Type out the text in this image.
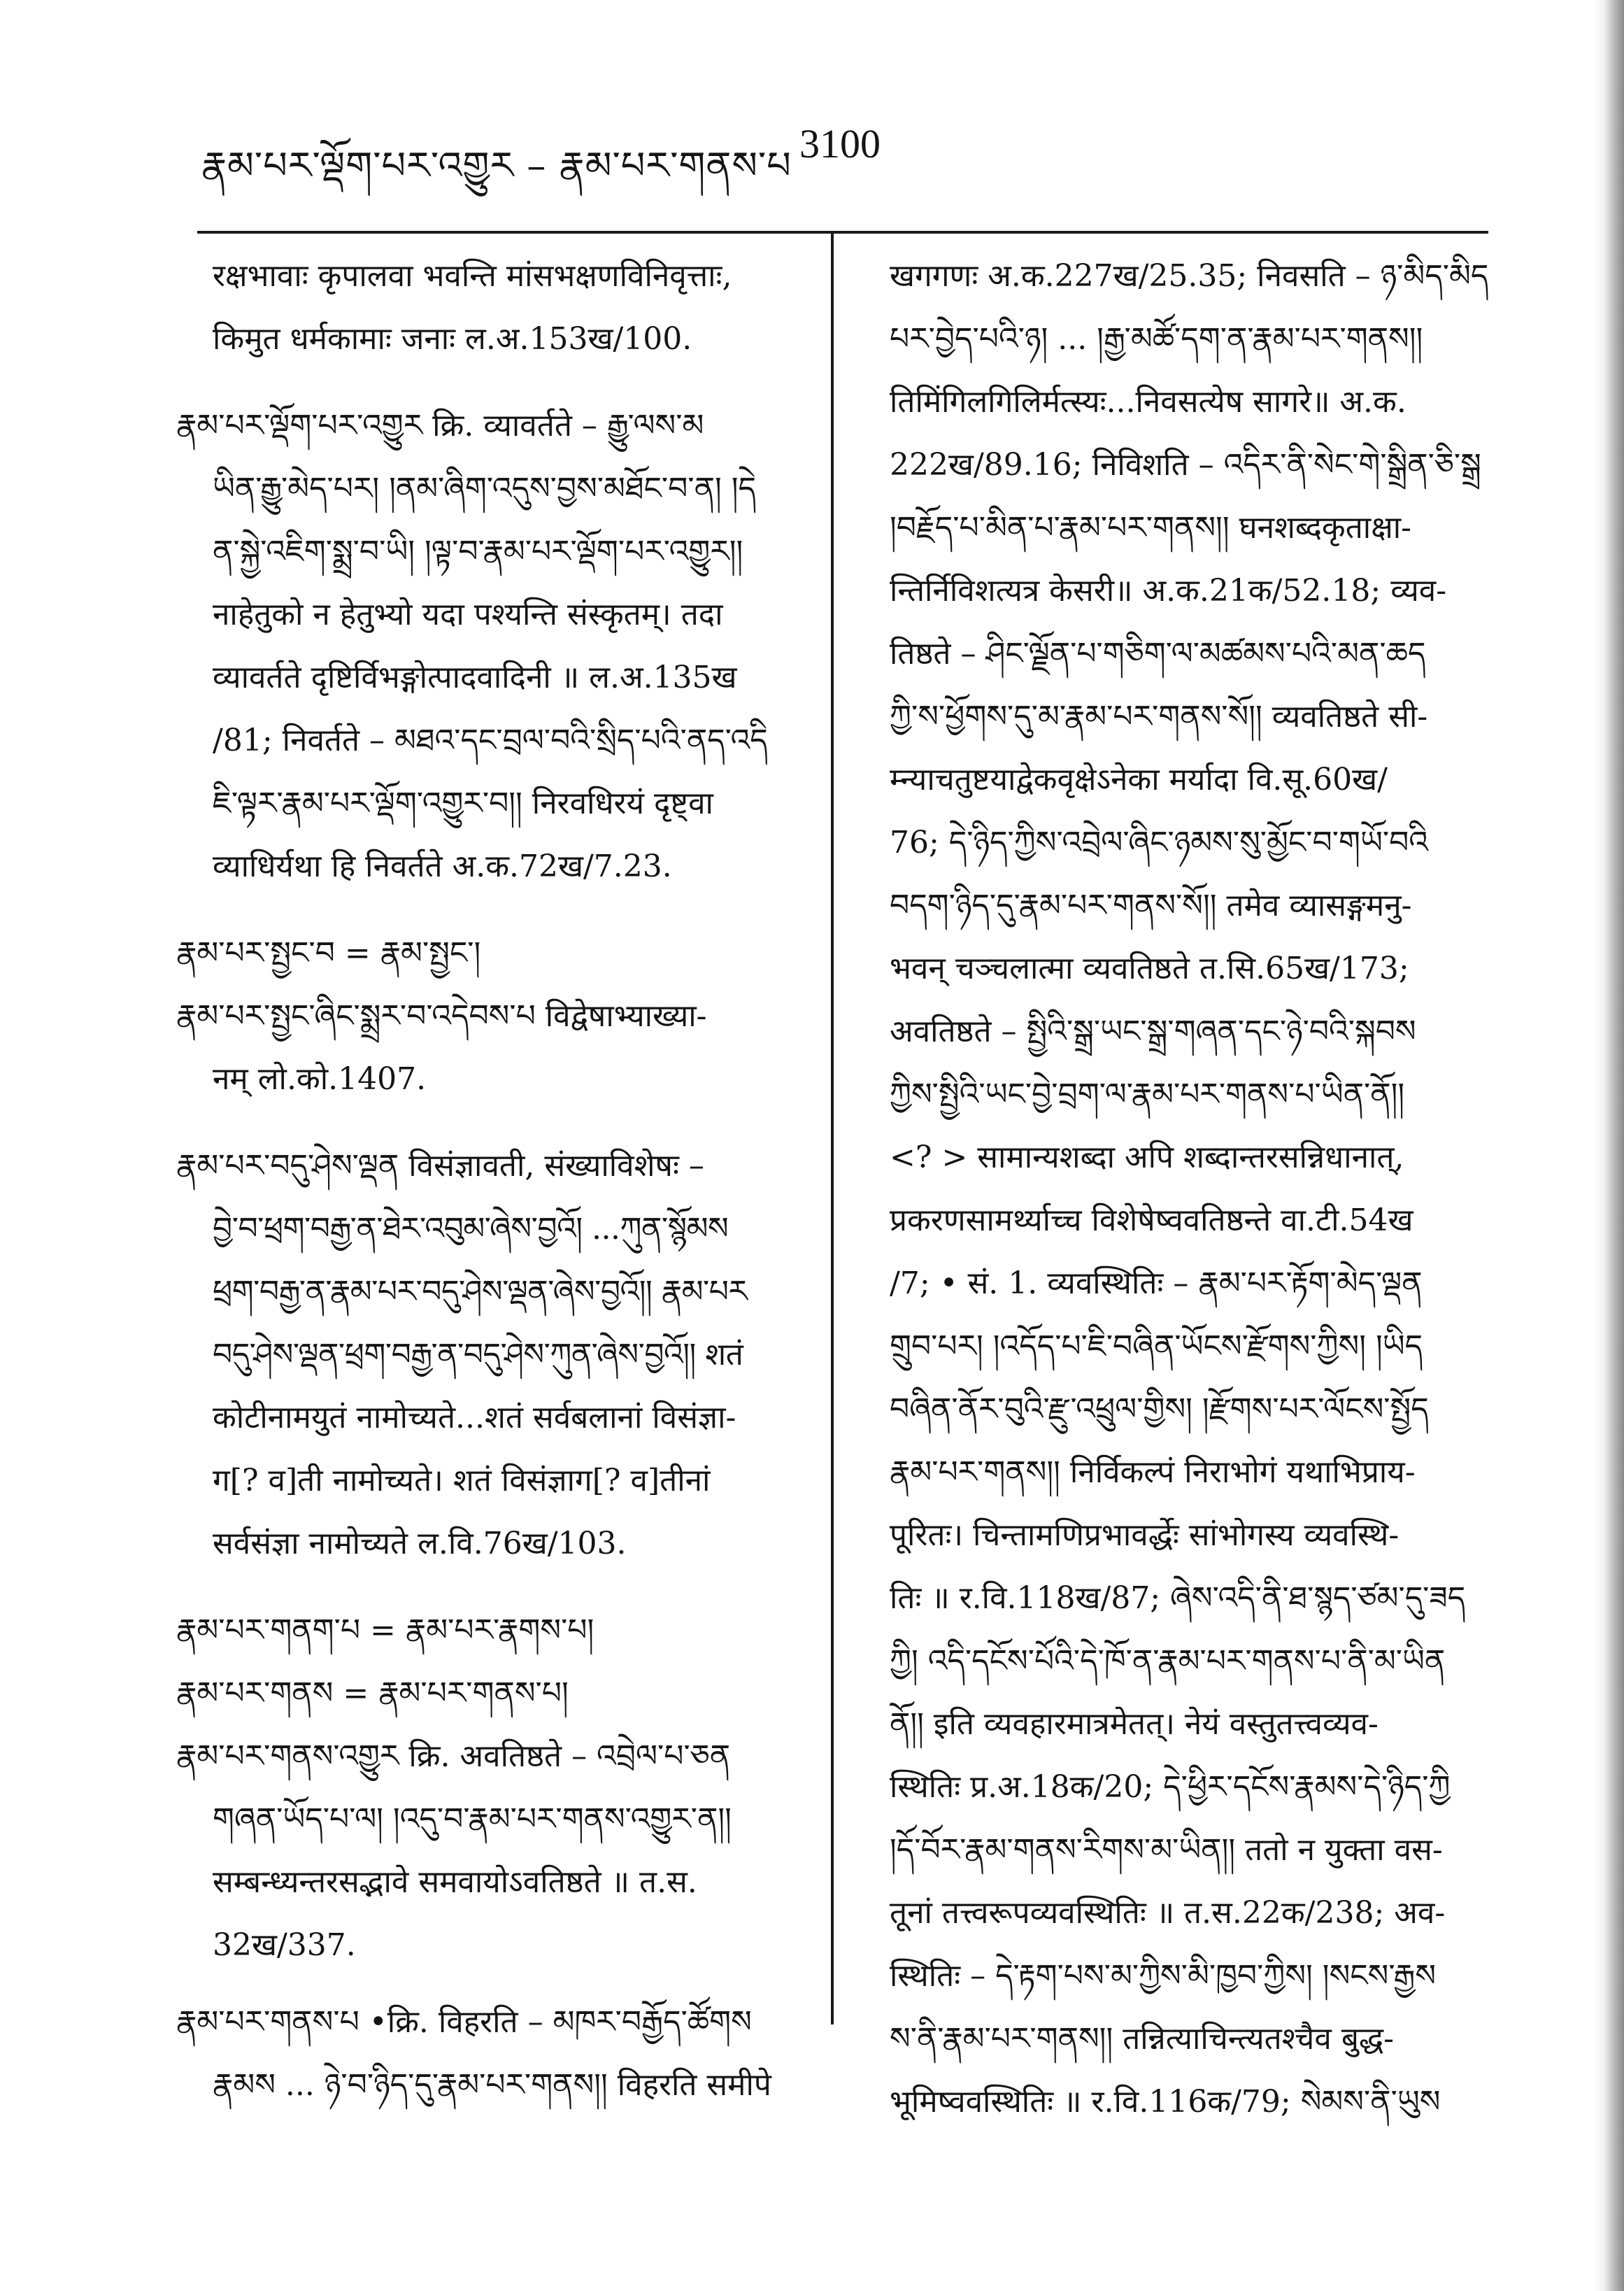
རྣམ་པར་ལྡོག་པར་འགྱུར – རྣམ་པར་གནས་པ 3100
रक्षभावाः कृपालवा भवन्ति मांसभक्षणविनिवृत्ताः,
किमुत धर्मकामाः जनाः ल.अ.153ख/100.
རྣམ་པར་ལྡོག་པར་འགྱུར क्रि. व्यावर्तते – རྒྱུ་ལས་མ
ཡིན་རྒྱུ་མེད་པར། །ནམ་ཞིག་འདུས་བྱས་མཐོང་བ་ན། །དེ
ན་སྐྱེ་འཇིག་སྨྲ་བ་ཡི། །ལྟ་བ་རྣམ་པར་ལྡོག་པར་འགྱུར།།
नाहेतुको न हेतुभ्यो यदा पश्यन्ति संस्कृतम्। तदा
व्यावर्तते दृष्टिर्विभङ्गोत्पादवादिनी ॥ ल.अ.135ख
/81; निवर्तते – མཐའ་དང་བྲལ་བའི་སྲིད་པའི་ནད་འདི
ཇི་ལྟར་རྣམ་པར་ལྡོག་འགྱུར་བ།། निरवधिरयं दृष्ट्वा
व्याधिर्यथा हि निवर्तते अ.क.72ख/7.23.
རྣམ་པར་སྤྱང་བ = རྣམ་སྤྱང་།
རྣམ་པར་སྤྱང་ཞིང་སྨྲར་བ་འདེབས་པ विद्वेषाभ्याख्या-
नम् लो.को.1407.
རྣམ་པར་བདུ་ཤེས་ལྡན विसंज्ञावती, संख्याविशेषः –
བྱེ་བ་ཕྲག་བརྒྱ་ན་ཐེར་འབུམ་ཞེས་བྱའོ། ...ཀུན་སྙོམས
ཕྲག་བརྒྱ་ན་རྣམ་པར་བདུ་ཤེས་ལྡན་ཞེས་བྱའོ།། རྣམ་པར
བདུ་ཤེས་ལྡན་ཕྲག་བརྒྱ་ན་བདུ་ཤེས་ཀུན་ཞེས་བྱའོ།། शतं
कोटीनामयुतं नामोच्यते...शतं सर्वबलानां विसंज्ञा-
ग[? व]ती नामोच्यते। शतं विसंज्ञाग[? व]तीनां
सर्वसंज्ञा नामोच्यते ल.वि.76ख/103.
རྣམ་པར་གནག་པ = རྣམ་པར་རྣགས་པ།
རྣམ་པར་གནས = རྣམ་པར་གནས་པ།
རྣམ་པར་གནས་འགྱུར क्रि. अवतिष्ठते – འབྲེལ་པ་ཅན
གཞན་ཡོད་པ་ལ། །འདུ་བ་རྣམ་པར་གནས་འགྱུར་ན།།
सम्बन्ध्यन्तरसद्भावे समवायोऽवतिष्ठते ॥ त.स.
32ख/337.
རྣམ་པར་གནས་པ •क्रि. विहरति – མཁར་བརྒྱོད་ཚོགས
རྣམས ... ཉེ་བ་ཉིད་དུ་རྣམ་པར་གནས།། विहरति समीपे
खगगणः अ.क.227ख/25.35; निवसति – ཉ་མིད་མིད
པར་བྱེད་པའི་ཉ། ... །རྒྱ་མཚོ་དག་ན་རྣམ་པར་གནས།།
तिमिंगिलगिलिर्मत्स्यः...निवसत्येष सागरे॥ अ.क.
222ख/89.16; निविशति – འདིར་ནི་སེང་གེ་སྒྲིན་ཅི་སྒྲ
།བརྗོད་པ་མིན་པ་རྣམ་པར་གནས།། घनशब्दकृताक्षा-
न्तिर्निविशत्यत्र केसरी॥ अ.क.21क/52.18; व्यव-
तिष्ठते – ཤིང་ལྗོན་པ་གཅིག་ལ་མཚམས་པའི་མན་ཆད
ཀྱི་ས་ཕྱོགས་དུ་མ་རྣམ་པར་གནས་སོ།། व्यवतिष्ठते सी-
म्न्याचतुष्टयाद्वेकवृक्षेऽनेका मर्यादा वि.सू.60ख/
76; དེ་ཉིད་ཀྱིས་འབྲེལ་ཞིང་ཉམས་སུ་མྱོང་བ་གཡོ་བའི
བདག་ཉིད་དུ་རྣམ་པར་གནས་སོ།། तमेव व्यासङ्गमनु-
भवन् चञ्चलात्मा व्यवतिष्ठते त.सि.65ख/173;
अवतिष्ठते – སྤྱིའི་སྒྲ་ཡང་སྒྲ་གཞན་དང་ཉེ་བའི་སྐབས
ཀྱིས་སྤྱིའི་ཡང་བྱེ་བྲག་ལ་རྣམ་པར་གནས་པ་ཡིན་ནོ།།
<? > सामान्यशब्दा अपि शब्दान्तरसन्निधानात्,
प्रकरणसामर्थ्याच्च विशेषेष्ववतिष्ठन्ते वा.टी.54ख
/7; • सं. 1. व्यवस्थितिः – རྣམ་པར་རྟོག་མེད་ལྡན
གྲུབ་པར། །འདོད་པ་ཇི་བཞིན་ཡོངས་རྫོགས་ཀྱིས། །ཡིད
བཞིན་ནོར་བུའི་རྫུ་འཕྲུལ་གྱིས། །རྫོགས་པར་ལོངས་སྤྱོད
རྣམ་པར་གནས།། निर्विकल्पं निराभोगं यथाभिप्राय-
पूरितः। चिन्तामणिप्रभावर्द्धेः सांभोगस्य व्यवस्थि-
तिः ॥ र.वि.118ख/87; ཞེས་འདི་ནི་ཐ་སྙད་ཙམ་དུ་ཟད
ཀྱི། འདི་དངོས་པོའི་དེ་ཁོ་ན་རྣམ་པར་གནས་པ་ནི་མ་ཡིན
ནོ།། इति व्यवहारमात्रमेतत्। नेयं वस्तुतत्त्वव्यव-
स्थितिः प्र.अ.18क/20; དེ་ཕྱིར་དངོས་རྣམས་དེ་ཉིད་ཀྱི
།དོ་བོར་རྣམ་གནས་རིགས་མ་ཡིན།། ततो न युक्ता वस-
तूनां तत्त्वरूपव्यवस्थितिः ॥ त.स.22क/238; अव-
स्थितिः – དེ་རྟག་པས་མ་ཀྱིས་མི་ཁྱབ་ཀྱིས། །སངས་རྒྱས
ས་ནི་རྣམ་པར་གནས།། तन्नित्याचिन्त्यतश्चैव बुद्ध-
भूमिष्ववस्थितिः ॥ र.वि.116क/79; སེམས་ནི་ཡུས
